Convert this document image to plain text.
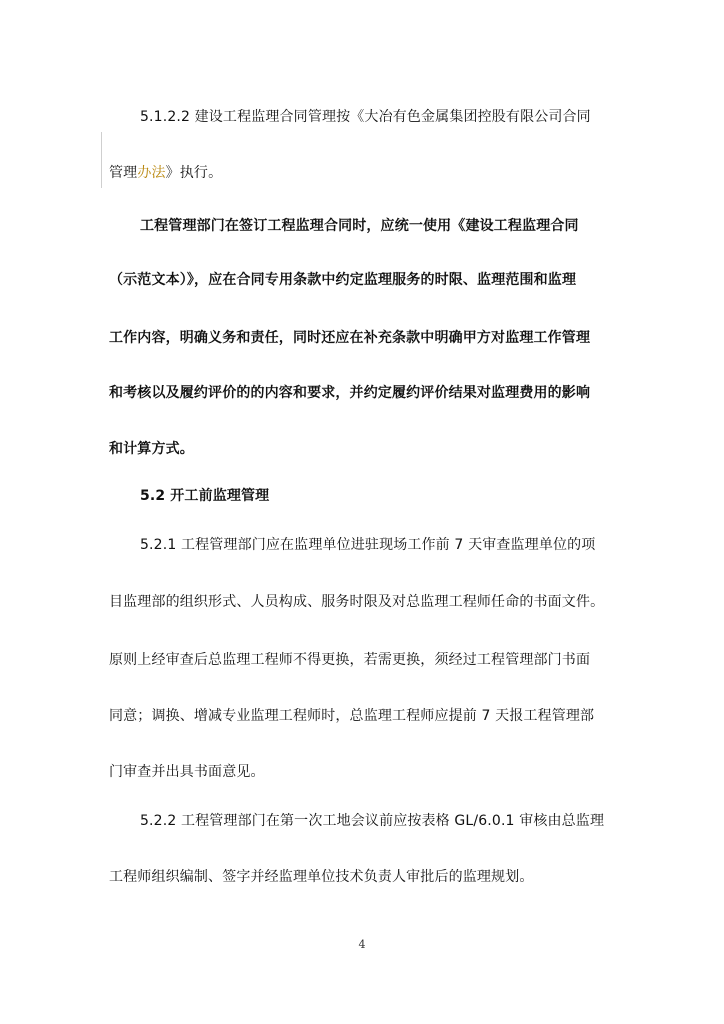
5.1.2.2 建设工程监理合同管理按《大冶有色金属集团控股有限公司合同
管理办法》执行。
工程管理部门在签订工程监理合同时，应统一使用《建设工程监理合同
（示范文本）》，应在合同专用条款中约定监理服务的时限、监理范围和监理
工作内容，明确义务和责任，同时还应在补充条款中明确甲方对监理工作管理
和考核以及履约评价的的内容和要求，并约定履约评价结果对监理费用的影响
和计算方式。
5.2 开工前监理管理
5.2.1 工程管理部门应在监理单位进驻现场工作前 7 天审查监理单位的项
目监理部的组织形式、人员构成、服务时限及对总监理工程师任命的书面文件。
原则上经审查后总监理工程师不得更换，若需更换，须经过工程管理部门书面
同意；调换、增减专业监理工程师时，总监理工程师应提前 7 天报工程管理部
门审查并出具书面意见。
5.2.2 工程管理部门在第一次工地会议前应按表格 GL/6.0.1 审核由总监理
工程师组织编制、签字并经监理单位技术负责人审批后的监理规划。
4
